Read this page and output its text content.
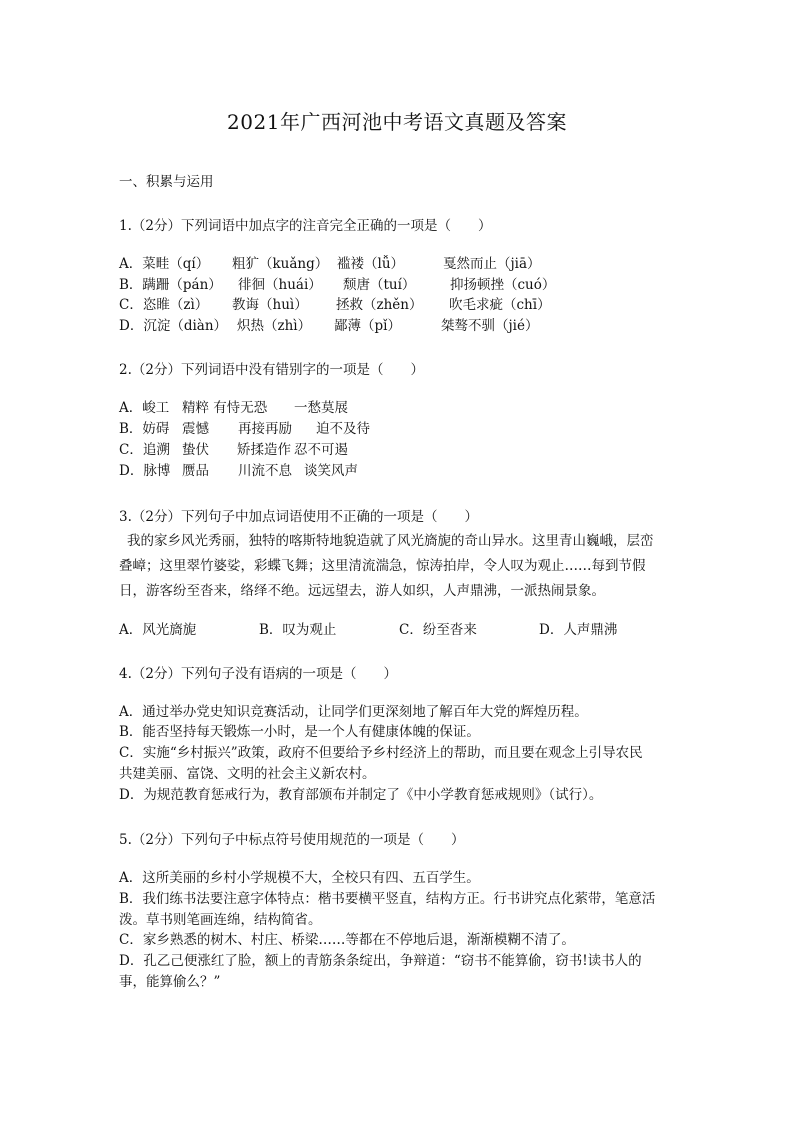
2021年广西河池中考语文真题及答案
一、积累与运用
1.（2分）下列词语中加点字的注音完全正确的一项是（　　）
A．菜畦（qí） 粗犷（kuǎng） 褴褛（lǚ）	戛然而止（jiā）
B．蹒跚（pán） 徘徊（huái） 颓唐（tuí）	抑扬顿挫（cuó）
C．恣睢（zì） 教诲（huì） 拯救（zhěn） 吹毛求疵（chī）
D．沉淀（diàn） 炽热（zhì） 鄙薄（pǐ）	桀骜不驯（jié）
2.（2分）下列词语中没有错别字的一项是（　　）
A．峻工 精粹 有恃无恐 一愁莫展
B．妨碍 震憾 再接再励 迫不及待
C．追溯 蛰伏 矫揉造作 忍不可遏
D．脉博 赝品 川流不息 谈笑风声
3.（2分）下列句子中加点词语使用不正确的一项是（　　）
我的家乡风光秀丽，独特的喀斯特地貌造就了风光旖旎的奇山异水。这里青山巍峨，层峦
叠嶂；这里翠竹婆娑，彩蝶飞舞；这里清流湍急，惊涛拍岸，令人叹为观止……每到节假
日，游客纷至沓来，络绎不绝。远远望去，游人如织，人声鼎沸，一派热闹景象。
A．风光旖旎	B．叹为观止	C．纷至沓来	D．人声鼎沸
4.（2分）下列句子没有语病的一项是（　　）
A．通过举办党史知识竞赛活动，让同学们更深刻地了解百年大党的辉煌历程。
B．能否坚持每天锻炼一小时，是一个人有健康体魄的保证。
C．实施“乡村振兴”政策，政府不但要给予乡村经济上的帮助，而且要在观念上引导农民
共建美丽、富饶、文明的社会主义新农村。
D．为规范教育惩戒行为，教育部颁布并制定了《中小学教育惩戒规则》（试行）。
5.（2分）下列句子中标点符号使用规范的一项是（　　）
A．这所美丽的乡村小学规模不大，全校只有四、五百学生。
B．我们练书法要注意字体特点：楷书要横平竖直，结构方正。行书讲究点化萦带，笔意活
泼。草书则笔画连绵，结构简省。
C．家乡熟悉的树木、村庄、桥梁……等都在不停地后退，渐渐模糊不清了。
D．孔乙己便涨红了脸，额上的青筋条条绽出，争辩道：“窃书不能算偷，窃书!读书人的
事，能算偷么？”
